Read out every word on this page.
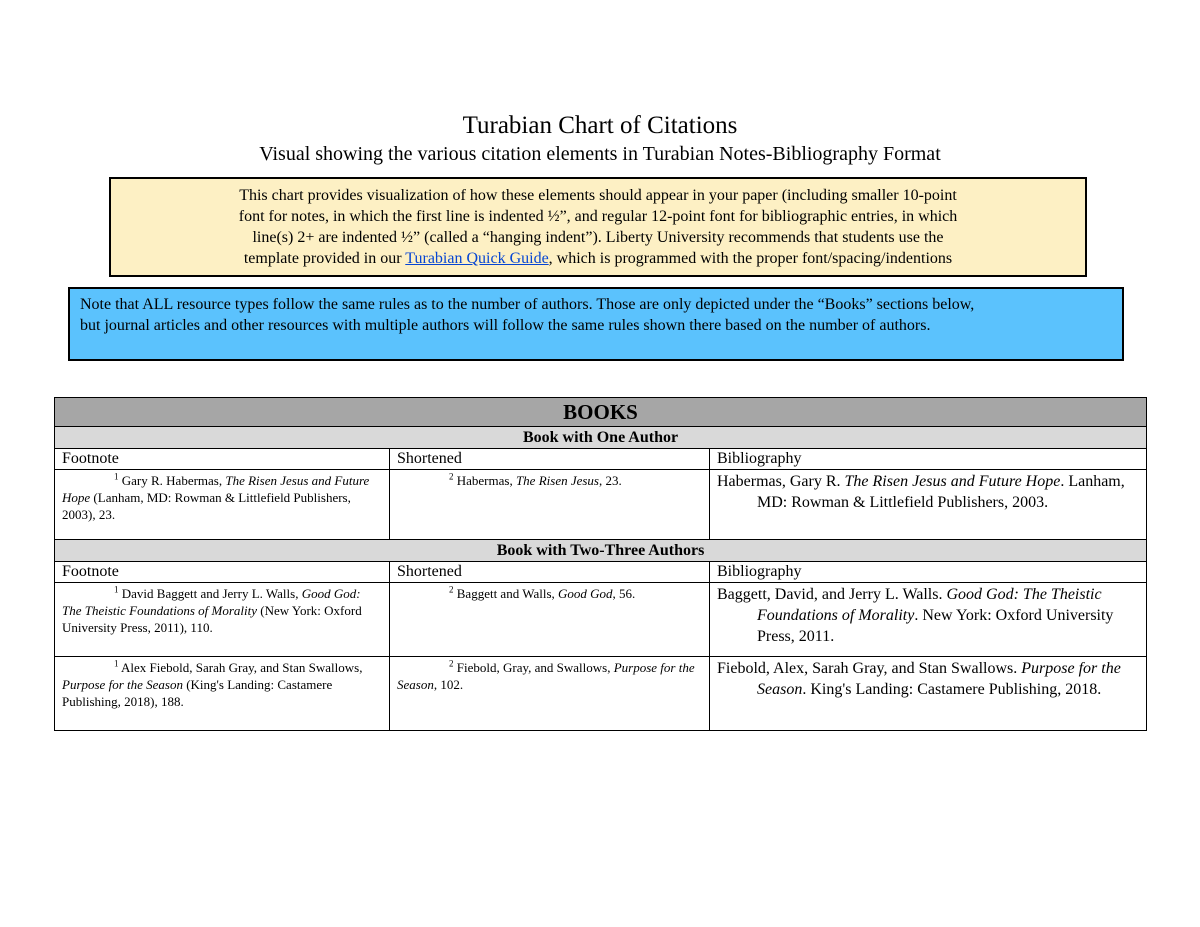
Turabian Chart of Citations
Visual showing the various citation elements in Turabian Notes-Bibliography Format
This chart provides visualization of how these elements should appear in your paper (including smaller 10-point
font for notes, in which the first line is indented ½”, and regular 12-point font for bibliographic entries, in which
line(s) 2+ are indented ½” (called a “hanging indent”). Liberty University recommends that students use the
template provided in our Turabian Quick Guide, which is programmed with the proper font/spacing/indentions
Note that ALL resource types follow the same rules as to the number of authors. Those are only depicted under the “Books” sections below,
but journal articles and other resources with multiple authors will follow the same rules shown there based on the number of authors.
BOOKS		
Book with One Author		
Footnote	Shortened	Bibliography
$^1$ Gary R. Habermas, The Risen Jesus and Future Hope (Lanham, MD: Rowman & Littlefield Publishers, 2003), 23.	$^2$ Habermas, The Risen Jesus, 23.	Habermas, Gary R. The Risen Jesus and Future Hope. Lanham, MD: Rowman & Littlefield Publishers, 2003.
Book with Two-Three Authors		
Footnote	Shortened	Bibliography
$^1$ David Baggett and Jerry L. Walls, Good God: The Theistic Foundations of Morality (New York: Oxford University Press, 2011), 110.	$^2$ Baggett and Walls, Good God, 56.	Baggett, David, and Jerry L. Walls. Good God: The Theistic Foundations of Morality. New York: Oxford University Press, 2011.
$^1$ Alex Fiebold, Sarah Gray, and Stan Swallows, Purpose for the Season (King's Landing: Castamere Publishing, 2018), 188.	$^2$ Fiebold, Gray, and Swallows, Purpose for the Season, 102.	Fiebold, Alex, Sarah Gray, and Stan Swallows. Purpose for the Season. King's Landing: Castamere Publishing, 2018.
